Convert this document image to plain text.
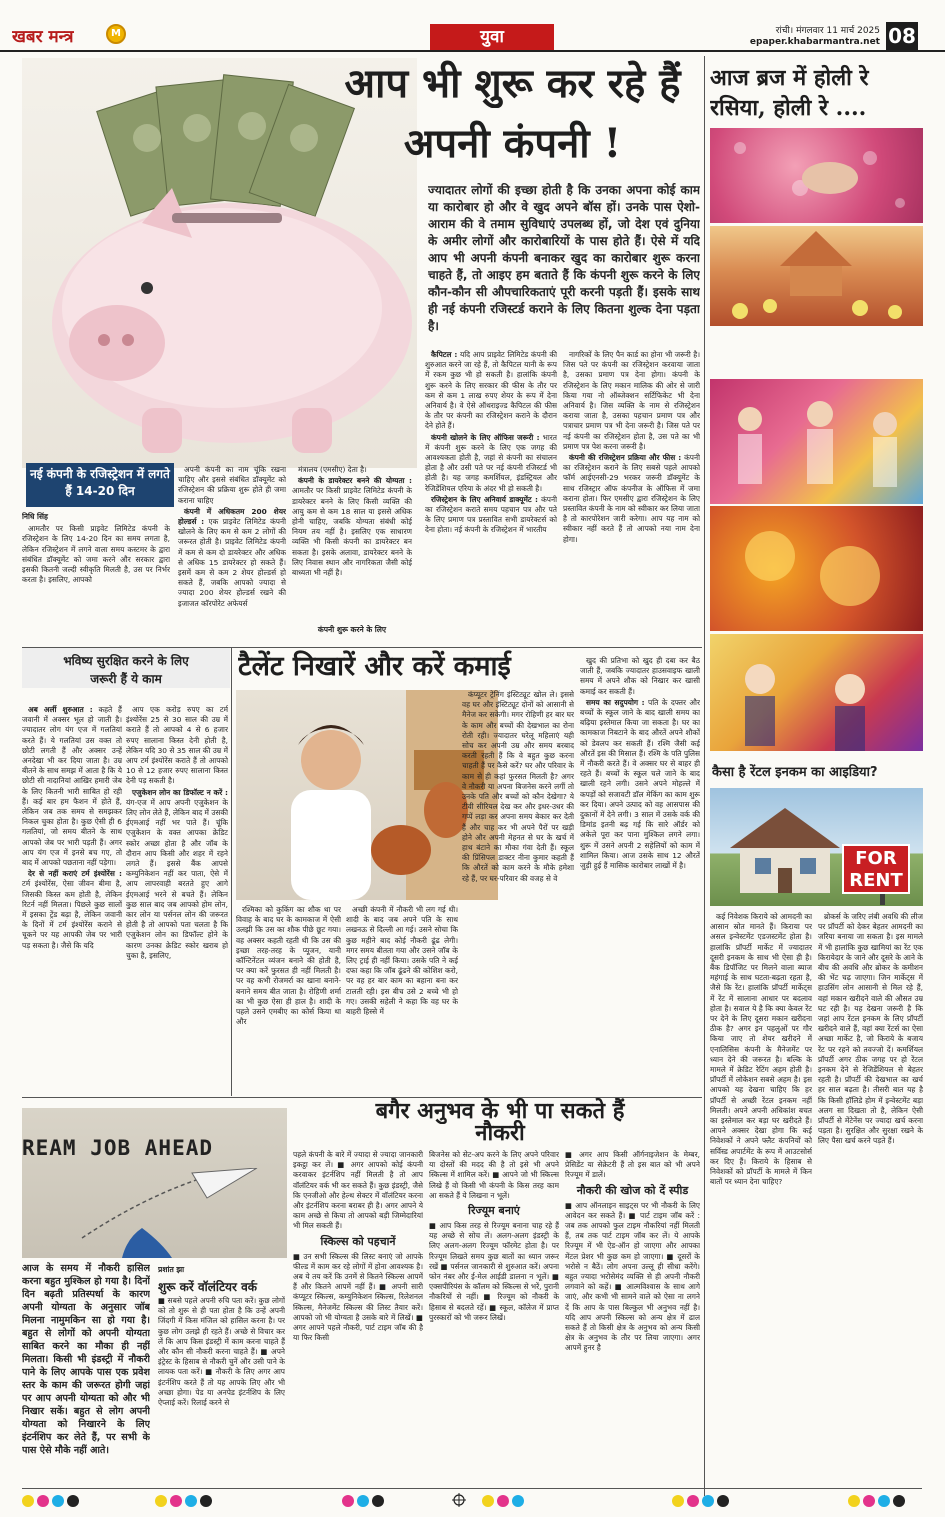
खबर मन्त्र	M	युवा	रांची। मंगलवार 11 मार्च 2025
epaper.khabarmantra.net 08
नई कंपनी के रजिस्ट्रेशन में लगते हैं 14-20 दिन
आप भी शुरू कर रहे हैं
अपनी कंपनी !
ज्यादातर लोगों की इच्छा होती है कि उनका अपना कोई काम या कारोबार हो और वे खुद अपने बॉस हों। उनके पास ऐशो-आराम की वे तमाम सुविधाएं उपलब्ध हों, जो देश एवं दुनिया के अमीर लोगों और कारोबारियों के पास होते हैं। ऐसे में यदि आप भी अपनी कंपनी बनाकर खुद का कारोबार शुरू करना चाहते हैं, तो आइए हम बताते हैं कि कंपनी शुरू करने के लिए कौन-कौन सी औपचारिकताएं पूरी करनी पड़ती हैं। इसके साथ ही नई कंपनी रजिस्टर्ड कराने के लिए कितना शुल्क देना पड़ता है।

निधि सिंह

आमतौर पर किसी प्राइवेट लिमिटेड कंपनी के रजिस्ट्रेशन के लिए 14-20 दिन का समय लगता है, लेकिन रजिस्ट्रेशन में लगने वाला समय कस्टमर के द्वारा संबंधित डॉक्यूमेंट को जमा करने और सरकार द्वारा इसकी कितनी जल्दी स्वीकृति मिलती है, उस पर निर्भर करता है। इसलिए, आपको

अपनी कंपनी का नाम चूंकि रखना चाहिए और इससे संबंधित डॉक्यूमेंट को रजिस्ट्रेशन की प्रक्रिया शुरू होते ही जमा कराना चाहिए

कंपनी में अधिकतम 200 शेयर होल्डर्स : एक प्राइवेट लिमिटेड कंपनी खोलने के लिए कम से कम 2 लोगों की जरूरत होती है। प्राइवेट लिमिटेड कंपनी में कम से कम दो डायरेक्टर और अधिक से अधिक 15 डायरेक्टर हो सकते हैं। इसमें कम से कम 2 शेयर होल्डर्स हो सकते हैं, जबकि आपको ज्यादा से ज्यादा 200 शेयर होल्डर्स रखने की इजाजत कॉरपोरेट अफेयर्स

मंत्रालय (एमसीए) देता है।

कंपनी के डायरेक्टर बनने की योग्यता : आमतौर पर किसी प्राइवेट लिमिटेड कंपनी के डायरेक्टर बनने के लिए किसी व्यक्ति की आयु कम से कम 18 साल या इससे अधिक होनी चाहिए, जबकि योग्यता संबंधी कोई नियम तय नहीं है। इसलिए एक साधारण व्यक्ति भी किसी कंपनी का डायरेक्टर बन सकता है। इसके अलावा, डायरेक्टर बनने के लिए निवास स्थान और नागरिकता जैसी कोई बाध्यता भी नहीं है।

कंपनी शुरू करने के लिए

कैपिटल : यदि आप प्राइवेट लिमिटेड कंपनी की शुरुआत करने जा रहे हैं, तो कैपिटल यानी के रूप में रकम कुछ भी हो सकती है। हालांकि कंपनी शुरू करने के लिए सरकार की फीस के तौर पर कम से कम 1 लाख रुपए शेयर के रूप में देना अनिवार्य है। वे ऐसे ऑथराइज्ड कैपिटल की फीस के तौर पर कंपनी का रजिस्ट्रेशन कराने के दौरान देने होते हैं।

कंपनी खोलने के लिए ऑफिस जरूरी : भारत में कंपनी शुरू करने के लिए एक जगह की आवश्यकता होती है, जहां से कंपनी का संचालन होता है और उसी पते पर नई कंपनी रजिस्टर्ड भी होती है। यह जगह कमर्शियल, इंडस्ट्रियल और रेजिडेंशियल एरिया के अंदर भी हो सकती है।

रजिस्ट्रेशन के लिए अनिवार्य डाक्यूमेंट : कंपनी का रजिस्ट्रेशन कराते समय पहचान पत्र और पते के लिए प्रमाण पत्र प्रस्तावित सभी डायरेक्टर्स को देना होता। नई कंपनी के रजिस्ट्रेशन में भारतीय

नागरिकों के लिए पैन कार्ड का होना भी जरूरी है। जिस पते पर कंपनी का रजिस्ट्रेशन करवाया जाता है, उसका प्रमाण पत्र देना होगा। कंपनी के रजिस्ट्रेशन के लिए मकान मालिक की ओर से जारी किया गया नो ऑब्जेक्शन सर्टिफिकेट भी देना अनिवार्य है। जिस व्यक्ति के नाम से रजिस्ट्रेशन कराया जाता है, उसका पहचान प्रमाण पत्र और पत्राचार प्रमाण पत्र भी देना जरूरी है। जिस पते पर नई कंपनी का रजिस्ट्रेशन होता है, उस पते का भी प्रमाण पत्र पेश करना जरूरी है।

कंपनी की रजिस्ट्रेशन प्रक्रिया और फीस : कंपनी का रजिस्ट्रेशन कराने के लिए सबसे पहले आपको फॉर्म आईएनसी-29 भरकर जरूरी डॉक्यूमेंट के साथ रजिस्ट्रार ऑफ कंपनीज के ऑफिस में जमा कराना होता। फिर एमसीए द्वारा रजिस्ट्रेशन के लिए प्रस्तावित कंपनी के नाम को स्वीकार कर लिया जाता है तो कारपोरेशन जारी करेगा। आप यह नाम को स्वीकार नहीं करते हैं तो आपको नया नाम देना होगा।

आज ब्रज में होली रे
रसिया, होली रे ....
कैसा है रेंटल इनकम का आइडिया?
FOR
RENT

कई निवेशक किराये को आमदनी का आसान स्रोत मानते हैं। किराया पर असल इन्वेस्टमेंट एडजस्टमेंट होता है। हालांकि प्रॉपर्टी मार्केट में ज्यादातर दूसरी इनकम के साथ भी ऐसा ही है। बैंक डिपॉजिट पर मिलने वाला ब्याज महंगाई के साथ घटता-बढ़ता रहता है, जैसे कि रेंट। हालांकि प्रॉपर्टी मार्केट्स में रेंट में सालाना आधार पर बदलाव होता है। सवाल ये है कि क्या केवल रेंट पर देने के लिए दूसरा मकान खरीदना ठीक है? अगर इन पहलुओं पर गौर किया जाए तो शेयर खरीदने में एनालिसिस कंपनी के मैनेजमेंट पर ध्यान देने की जरूरत है। बल्कि के मामले में क्रेडिट रेटिंग अहम होती है। प्रॉपर्टी में लोकेशन सबसे अहम है। इस आपको यह देखना चाहिए कि हर प्रॉपर्टी से अच्छी रेंटल इनकम नहीं मिलती। अपने अपनी अधिकांश बचत का इस्तेमाल कर बड़ा घर खरीदते हैं। आपने अक्सर देखा होगा कि कई निवेशकों ने अपने फ्लैट कंपनियों को सर्विस्ड अपार्टमेंट के रूप में आउटसोर्स कर दिए हैं। किराये के हिसाब से निवेशकों को प्रॉपर्टी के मामले में किन बातों पर ध्यान देना चाहिए?

ब्रोकर्स के जरिए लंबी अवधि की लीज पर प्रॉपर्टी को देकर बेहतर आमदनी का जरिया बनाया जा सकता है। इस मामले में भी हालांकि कुछ खामियां का रेंट एक किरायेदार के जाने और दूसरे के आने के बीच की अवधि और ब्रोकर के कमीशन की भेंट चढ़ जाएगा। जिन मार्केट्स में हाउसिंग लोन आसानी से मिल रहे हैं, वहां मकान खरीदने वाले की औसत उम्र घट रही है। यह देखना जरूरी है कि जहां आप रेंटल इनकम के लिए प्रॉपर्टी खरीदने वाले हैं, वहां क्या रेंटर्स का ऐसा अच्छा मार्केट है, जो किराये के बजाय रेंट पर रहने को तवज्जो दें। कमर्शियल प्रॉपर्टी अगर ठीक जगह पर हो रेंटल इनकम देने से रेजिडेंशियल से बेहतर रहती है। प्रॉपर्टी की देखभाल का खर्च हर साल बढ़ता है। तीसरी बात यह है कि किसी हॉलिडे होम में इन्वेस्टमेंट बड़ा अलग सा दिखता तो है, लेकिन ऐसी प्रॉपर्टी से मेंटेनेंस पर ज्यादा खर्च करना पड़ता है। सुरक्षित और सुरक्षा रखने के लिए पैसा खर्च करने पड़ते हैं।

भविष्य सुरक्षित करने के लिए
जरूरी हैं ये काम	टैलेंट निखारें और करें कमाई

अब अर्ली शुरुआत : कहते हैं जवानी में अक्सर भूल हो जाती है। ज्यादातर लोग यंग एज में गलतियां करते हैं। ये गलतियां उस वक्त तो छोटी लगती हैं और अक्सर उन्हें अनदेखा भी कर दिया जाता है। उम्र बीतने के साथ समझ में आता है कि ये छोटी सी नादानियां आखिर हमारी जेब के लिए कितनी भारी साबित हो रही हैं। कई बार हम फैशन में होते हैं, लेकिन जब तक समय से समझकर निकल चुका होता है। कुछ ऐसी ही 6 गलतियां, जो समय बीतने के साथ आपको जेब पर भारी पड़ती हैं। अगर आप यंग एज में इनसे बच गए, तो बाद में आपको पछताना नहीं पड़ेगा।

देर से नहीं कराएं टर्म इंश्योरेंस : टर्म इंश्योरेंस, ऐसा जीवन बीमा है, जिसकी किस्त कम होती है, लेकिन रिटर्न नहीं मिलता। पिछले कुछ सालों में इसका ट्रेंड बढ़ा है, लेकिन जवानी के दिनों में टर्म इंश्योरेंस कराने से चूकने पर यह आपकी जेब पर भारी पड़ सकता है। जैसे कि यदि

आप एक करोड़ रुपए का टर्म इंश्योरेंस 25 से 30 साल की उम्र में कराते हैं तो आपको 4 से 6 हजार रुपए सालाना किस्त देनी होती है, लेकिन यदि 30 से 35 साल की उम्र में आप टर्म इंश्योरेंस कराते हैं तो आपको 10 से 12 हजार रुपए सालाना किस्त देनी पड़ सकती है।

एजुकेशन लोन का डिफॉल्ट न करें : यंग-एज में आप अपनी एजुकेशन के लिए लोन लेते हैं, लेकिन बाद में उसकी ईएमआई नहीं भर पाते हैं। चूंकि एजुकेशन के वक्त आपका क्रेडिट स्कोर अच्छा होता है और जॉब के दौरान आप किसी और शहर में रहने लगते हैं। इससे बैंक आपसे कम्युनिकेशन नहीं कर पाता, ऐसे में आप लापरवाही बरतते हुए आगे ईएमआई भरने से बचते हैं। लेकिन कुछ साल बाद जब आपको होम लोन, कार लोन या पर्सनल लोन की जरूरत होती है तो आपको पता चलता है कि एजुकेशन लोन का डिफॉल्ट होने के कारण उनका क्रेडिट स्कोर खराब हो चुका है, इसलिए,

रश्मिका को कुकिंग का शौक था पर विवाह के बाद घर के कामकाज में ऐसी उलझी कि उस का शौक पीछे छूट गया। वह अक्सर कहती रहती थी कि उस की इच्छा तरह-तरह के प्यूजन, यानी कॉन्टिनेंटल व्यंजन बनाने की होती है, पर क्या करें फुरसत ही नहीं मिलती है। पर वह कभी रोजमर्रा का खाना बनाने-बनाने समय बीत जाता है। रोहिणी शर्मा का भी कुछ ऐसा ही हाल है। शादी के पहले उसने एमबीए का कोर्स किया था और

अच्छी कंपनी में नौकरी भी लग गई थी। शादी के बाद जब अपने पति के साथ लखनऊ से दिल्ली आ गई। उसने सोचा कि कुछ महीने बाद कोई नौकरी ढूंढ लेगी। मगर समय बीतता गया और उसने जॉब के लिए ट्राई ही नहीं किया। उसके पति ने कई दफा कहा कि जॉब ढूंढने की कोशिश करो, पर वह हर बार काम का बहाना बना कर टालती रही। इस बीच उसे 2 बच्चे भी हो गए। उसकी सहेली ने कहा कि वह घर के बाहरी हिस्से में

कंप्यूटर ट्रेनिंग इंस्टिट्यूट खोल ले। इससे वह घर और इंस्टिट्यूट दोनों को आसानी से मैनेज कर सकेगी। मगर रोहिणी हर बार घर के काम और बच्चों की देखभाल का रोना रोती रही। ज्यादातर घरेलू महिलाएं यही सोच कर अपनी उम्र और समय बरबाद करती रहती हैं कि वे बहुत कुछ करना चाहती हैं पर कैसे करें? घर और परिवार के काम से ही कहां फुरसत मिलती है? अगर वे नौकरी या अपना बिजनेस करने लगीं तो उनके पति और बच्चों को कौन देखेगा? ये टीवी सीरियल देख कर और इधर-उधर की गप्पें लड़ा कर अपना समय बेकार कर देती हैं और चाह कर भी अपने पैरों पर खड़ी होने और अपनी मेहनत से घर के खर्च में हाथ बंटाने का मौका गंवा देती हैं। स्कूल की प्रिंसिपल डाक्टर नीना कुमार कहती हैं कि औरतें को काम करने के मौके हमेशा रहे हैं, पर घर-परिवार की वजह से वे

खुद की प्रतिभा को खुद ही दबा कर बैठ जाती हैं, जबकि ज्यादातर हाउसवाइफ खाली समय में अपने शौक को निखार कर खासी कमाई कर सकती हैं।

समय का सदुपयोग : पति के दफ्तर और बच्चों के स्कूल जाने के बाद खाली समय का बढ़िया इस्तेमाल किया जा सकता है। घर का कामकाज निबटाने के बाद औरतें अपने शौकों को डेवलप कर सकती हैं। रश्मि जैसी कई औरतें इस की मिसाल हैं। रश्मि के पति पुलिस में नौकरी करते हैं। वे अक्सर घर से बाहर ही रहते हैं। बच्चों के स्कूल चले जाने के बाद खाली रहने लगी। उसने अपने मोहल्ले में कपड़ों को सजावटी डॉल मेकिंग का काम शुरू कर दिया। अपने उत्पाद को वह आसपास की दुकानों में देने लगी। 3 साल में उसके वर्क की डिमांड इतनी बढ़ गई कि सारे ऑर्डर को अकेले पूरा कर पाना मुश्किल लगने लगा। शुरू में उसने अपनी 2 सहेलियों को काम में शामिल किया। आज उसके साथ 12 औरतें जुड़ी हुई हैं मासिक कारोबार लाखों में है।

बगैर अनुभव के भी पा सकते हैं
नौकरी
REAM JOB AHEAD
आज के समय में नौकरी हासिल करना बहुत मुश्किल हो गया है। दिनों दिन बढ़ती प्रतिस्पर्धा के कारण अपनी योग्यता के अनुसार जॉब मिलना नामुमकिन सा हो गया है। बहुत से लोगों को अपनी योग्यता साबित करने का मौका ही नहीं मिलता। किसी भी इंडस्ट्री में नौकरी पाने के लिए आपके पास एक प्रवेश स्तर के काम की जरूरत होगी जहां पर आप अपनी योग्यता को और भी निखार सकें। बहुत से लोग अपनी योग्यता को निखारने के लिए इंटर्नशिप कर लेते हैं, पर सभी के पास ऐसे मौके नहीं आते।
प्रशांत झा
शुरू करें वॉलंटियर वर्क

■ सबसे पहले अपनी रुचि पता करें। कुछ लोगों को तो शुरू से ही पता होता है कि उन्हें अपनी जिंदगी में किस मंजिल को हासिल करना है। पर कुछ लोग उलझे ही रहते हैं। अच्छे से विचार कर लें कि आप किस इंडस्ट्री में काम करना चाहते हैं और कौन सी नौकरी करना चाहते हैं। ■ अपने इंट्रेस्ट के हिसाब से नौकरी चुनें और उसी पाने के लायक पता करें। ■ नौकरी के लिए अगर आप इंटर्नशिप करते हैं तो यह आपके लिए और भी अच्छा होगा। पेड या अनपेड इंटर्नशिप के लिए ऐप्लाई करें। रिलाई करने से

पहले कंपनी के बारे में ज्यादा से ज्यादा जानकारी इकट्ठा कर लें। ■ अगर आपको कोई कंपनी करवाकर इंटर्नशिप नहीं मिलती है तो आप वॉलंटियर वर्क भी कर सकते हैं। कुछ इंडस्ट्री, जैसे कि एनजीओ और हेल्थ सेक्टर में वॉलंटियर करना और इंटर्नशिप करना बराबर ही है। अगर आपने ये काम अच्छे से किया तो आपको बड़ी जिम्मेदारियां भी मिल सकती हैं।

स्किल्स को पहचानें

■ उन सभी स्किल्स की लिस्ट बनाएं जो आपके फील्ड में काम कर रहे लोगों में होना आवश्यक है। अब ये तय करें कि उनमें से कितने स्किल्स आपमें हैं और कितने आपमें नहीं हैं। ■ अपनी सारी कंप्यूटर स्किल्स, कम्युनिकेशन स्किल्स, रिलेशनल स्किल्स, मैनेजमेंट स्किल्स की लिस्ट तैयार करें। आपको जो भी योग्यता है उसके बारे में लिखें। ■ अगर आपने पहले नौकरी, पार्ट टाइम जॉब की है या फिर किसी

बिजनेस को सेट-अप करने के लिए अपने परिवार या दोस्तों की मदद की है तो इसे भी अपने स्किल्स में शामिल करें। ■ आपने जो भी स्किल्स लिखे हैं वो किसी भी कंपनी के किस तरह काम आ सकते हैं ये लिखना न भूलें।

रिज्यूम बनाएं

■ आप किस तरह से रिज्यूम बनाना चाह रहे हैं यह अच्छे से सोच लें। अलग-अलग इंडस्ट्री के लिए अलग-अलग रिज्यूम फॉरमेट होता है। पर रिज्यूम लिखते समय कुछ बातों का ध्यान जरूर रखें ■ पर्सनल जानकारी से शुरुआत करें। अपना फोन नंबर और ई-मेल आईडी डालना न भूलें। ■ एक्सपीरियंस के कॉलम को स्किल्स से भरें, पुरानी नौकरियों से नहीं। ■ रिज्यूम को नौकरी के हिसाब से बदलते रहें। ■ स्कूल, कॉलेज में प्राप्त पुरस्कारों को भी जरूर लिखें।

■ अगर आप किसी ऑर्गनाइजेशन के मेम्बर, प्रेसिडेंट या सेक्रेटरी हैं तो इस बात को भी अपने रिज्यूम में डालें।

नौकरी की खोज को दें स्पीड

■ आप ऑनलाइन साइट्स पर भी नौकरी के लिए आवेदन कर सकते हैं। ■ पार्ट टाइम जॉब करें : जब तक आपको फुल टाइम नौकरियां नहीं मिलती हैं, तब तक पार्ट टाइम जॉब कर लें। ये आपके रिज्यूम में भी ऐड-ऑन हो जाएगा और आपका मेंटल प्रेशर भी कुछ कम हो जाएगा। ■ दूसरों के भरोसे न बैठें। लोग अपना उल्लू ही सीधा करेंगे। बहुत ज्यादा भरोसेमंद व्यक्ति से ही अपनी नौकरी लगवाने को कहें। ■ आत्मविश्वास के साथ आगे जाएं, और कभी भी सामने वाले को ऐसा ना लगने दें कि आप के पास बिल्कुल भी अनुभव नहीं है। यदि आप अपनी स्किल्स को अन्य क्षेत्र में ढाल सकते हैं तो किसी क्षेत्र के अनुभव को अन्य किसी क्षेत्र के अनुभव के तौर पर लिया जाएगा। अगर आपमें हुनर है
